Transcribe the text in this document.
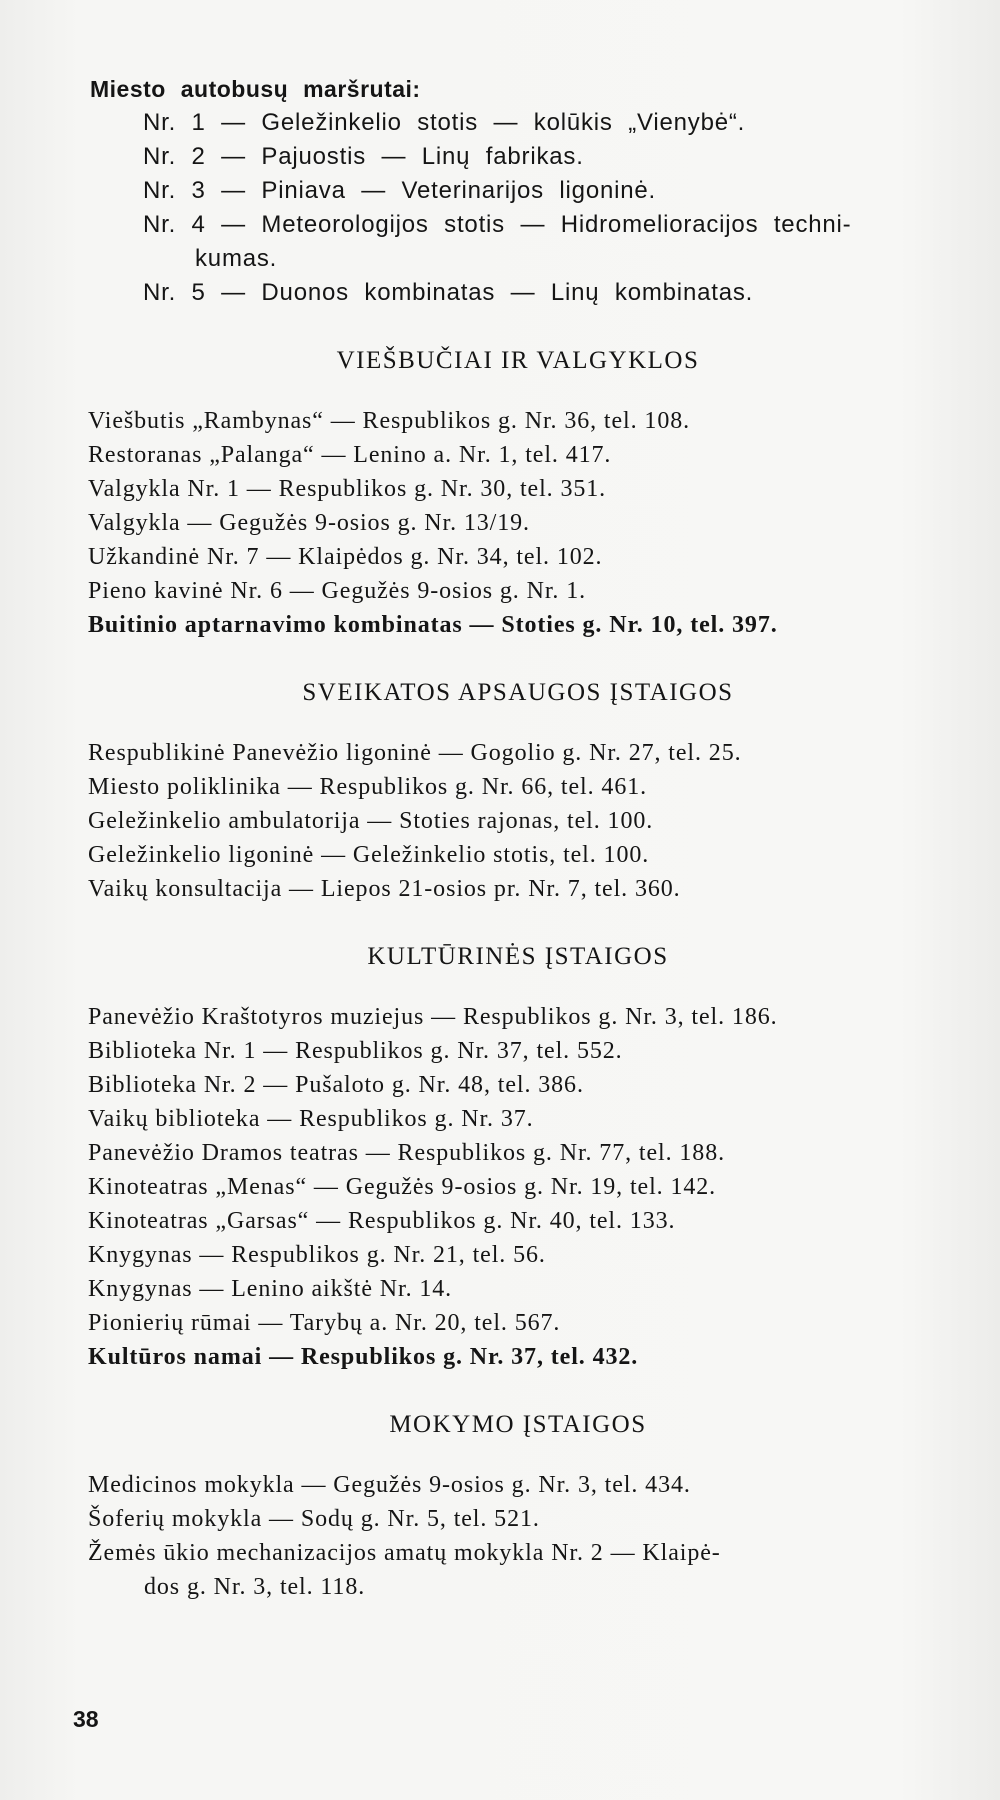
Miesto autobusų maršrutai:
Nr. 1 — Geležinkelio stotis — kolūkis „Vienybė“.
Nr. 2 — Pajuostis — Linų fabrikas.
Nr. 3 — Piniava — Veterinarijos ligoninė.
Nr. 4 — Meteorologijos stotis — Hidromelioracijos techni-
kumas.
Nr. 5 — Duonos kombinatas — Linų kombinatas.
VIEŠBUČIAI IR VALGYKLOS
Viešbutis „Rambynas“ — Respublikos g. Nr. 36, tel. 108.
Restoranas „Palanga“ — Lenino a. Nr. 1, tel. 417.
Valgykla Nr. 1 — Respublikos g. Nr. 30, tel. 351.
Valgykla — Gegužės 9-osios g. Nr. 13/19.
Užkandinė Nr. 7 — Klaipėdos g. Nr. 34, tel. 102.
Pieno kavinė Nr. 6 — Gegužės 9-osios g. Nr. 1.
Buitinio aptarnavimo kombinatas — Stoties g. Nr. 10, tel. 397.
SVEIKATOS APSAUGOS ĮSTAIGOS
Respublikinė Panevėžio ligoninė — Gogolio g. Nr. 27, tel. 25.
Miesto poliklinika — Respublikos g. Nr. 66, tel. 461.
Geležinkelio ambulatorija — Stoties rajonas, tel. 100.
Geležinkelio ligoninė — Geležinkelio stotis, tel. 100.
Vaikų konsultacija — Liepos 21-osios pr. Nr. 7, tel. 360.
KULTŪRINĖS ĮSTAIGOS
Panevėžio Kraštotyros muziejus — Respublikos g. Nr. 3, tel. 186.
Biblioteka Nr. 1 — Respublikos g. Nr. 37, tel. 552.
Biblioteka Nr. 2 — Pušaloto g. Nr. 48, tel. 386.
Vaikų biblioteka — Respublikos g. Nr. 37.
Panevėžio Dramos teatras — Respublikos g. Nr. 77, tel. 188.
Kinoteatras „Menas“ — Gegužės 9-osios g. Nr. 19, tel. 142.
Kinoteatras „Garsas“ — Respublikos g. Nr. 40, tel. 133.
Knygynas — Respublikos g. Nr. 21, tel. 56.
Knygynas — Lenino aikštė Nr. 14.
Pionierių rūmai — Tarybų a. Nr. 20, tel. 567.
Kultūros namai — Respublikos g. Nr. 37, tel. 432.
MOKYMO ĮSTAIGOS
Medicinos mokykla — Gegužės 9-osios g. Nr. 3, tel. 434.
Šoferių mokykla — Sodų g. Nr. 5, tel. 521.
Žemės ūkio mechanizacijos amatų mokykla Nr. 2 — Klaipė-
dos g. Nr. 3, tel. 118.
38
